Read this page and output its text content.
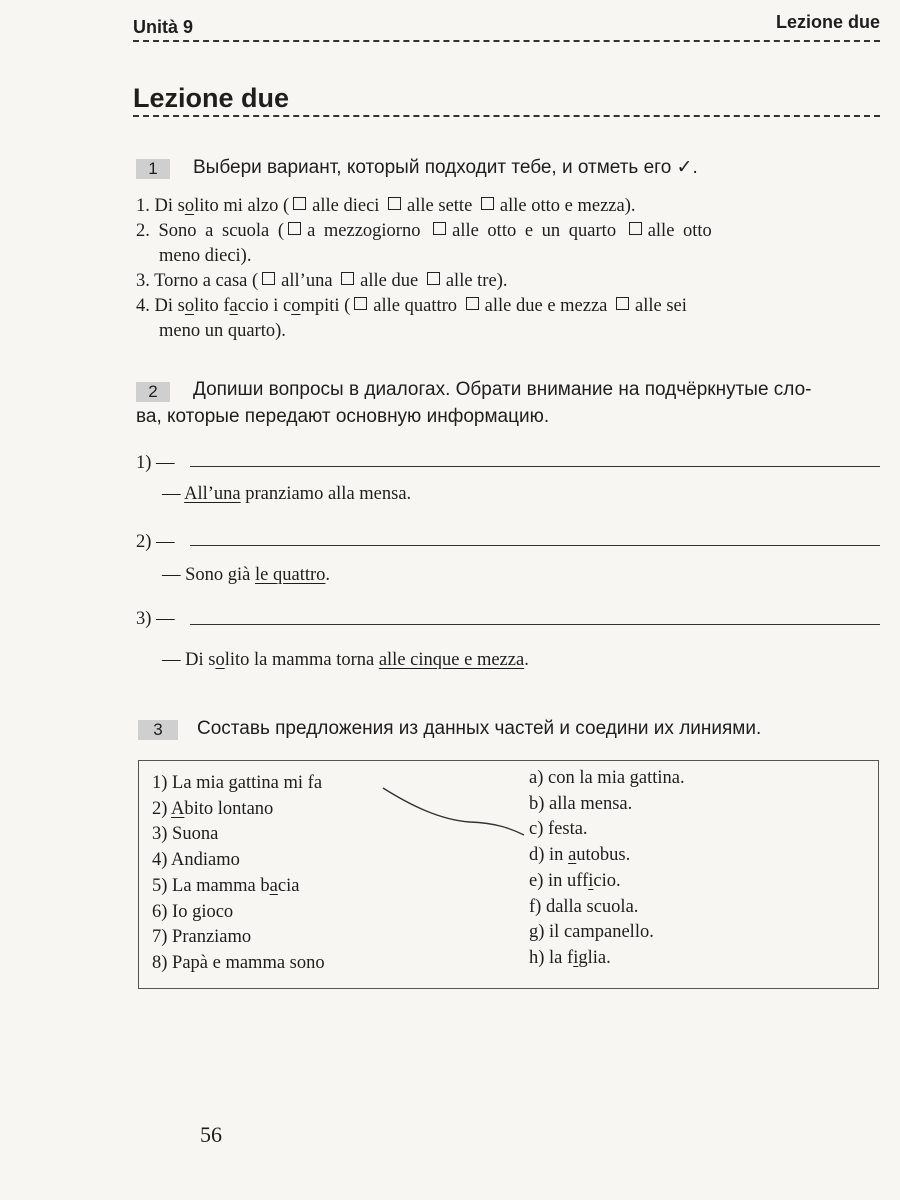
Unità 9	Lezione due
Lezione due
1	Выбери вариант, который подходит тебе, и отметь его ✓.
1. Di solito mi alzo ( alle dieci alle sette alle otto e mezza).
2. Sono a scuola ( a mezzogiorno alle otto e un quarto alle otto
meno dieci).
3. Torno a casa ( all’una alle due alle tre).
4. Di solito faccio i compiti ( alle quattro alle due e mezza alle sei
meno un quarto).
2	Допиши вопросы в диалогах. Обрати внимание на подчёркнутые сло-
ва, которые передают основную информацию.
1) —
— All’una pranziamo alla mensa.
2) —
— Sono già le quattro.
3) —
— Di solito la mamma torna alle cinque e mezza.
3	Составь предложения из данных частей и соедини их линиями.
1) La mia gattina mi fa
2) Abito lontano
3) Suona
4) Andiamo
5) La mamma bacia
6) Io gioco
7) Pranziamo
8) Papà e mamma sono
a) con la mia gattina.
b) alla mensa.
c) festa.
d) in autobus.
e) in ufficio.
f) dalla scuola.
g) il campanello.
h) la figlia.
56
